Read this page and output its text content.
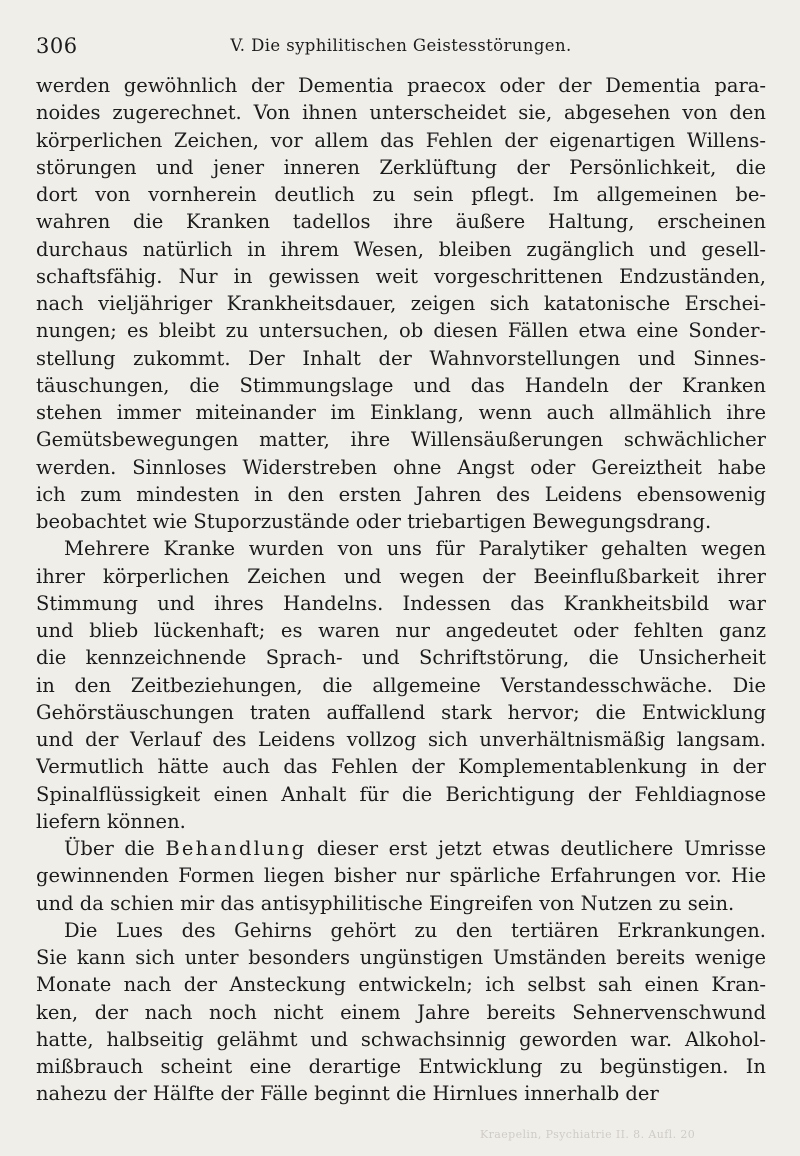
306	V. Die syphilitischen Geistesstörungen.
werden gewöhnlich der Dementia praecox oder der Dementia para-
noides zugerechnet. Von ihnen unterscheidet sie, abgesehen von den
körperlichen Zeichen, vor allem das Fehlen der eigenartigen Willens-
störungen und jener inneren Zerklüftung der Persönlichkeit, die
dort von vornherein deutlich zu sein pflegt. Im allgemeinen be-
wahren die Kranken tadellos ihre äußere Haltung, erscheinen
durchaus natürlich in ihrem Wesen, bleiben zugänglich und gesell-
schaftsfähig. Nur in gewissen weit vorgeschrittenen Endzuständen,
nach vieljähriger Krankheitsdauer, zeigen sich katatonische Erschei-
nungen; es bleibt zu untersuchen, ob diesen Fällen etwa eine Sonder-
stellung zukommt. Der Inhalt der Wahnvorstellungen und Sinnes-
täuschungen, die Stimmungslage und das Handeln der Kranken
stehen immer miteinander im Einklang, wenn auch allmählich ihre
Gemütsbewegungen matter, ihre Willensäußerungen schwächlicher
werden. Sinnloses Widerstreben ohne Angst oder Gereiztheit habe
ich zum mindesten in den ersten Jahren des Leidens ebensowenig
beobachtet wie Stuporzustände oder triebartigen Bewegungsdrang.
Mehrere Kranke wurden von uns für Paralytiker gehalten wegen
ihrer körperlichen Zeichen und wegen der Beeinflußbarkeit ihrer
Stimmung und ihres Handelns. Indessen das Krankheitsbild war
und blieb lückenhaft; es waren nur angedeutet oder fehlten ganz
die kennzeichnende Sprach- und Schriftstörung, die Unsicherheit
in den Zeitbeziehungen, die allgemeine Verstandesschwäche. Die
Gehörstäuschungen traten auffallend stark hervor; die Entwicklung
und der Verlauf des Leidens vollzog sich unverhältnismäßig langsam.
Vermutlich hätte auch das Fehlen der Komplementablenkung in der
Spinalflüssigkeit einen Anhalt für die Berichtigung der Fehldiagnose
liefern können.
Über die Behandlung dieser erst jetzt etwas deutlichere Umrisse
gewinnenden Formen liegen bisher nur spärliche Erfahrungen vor. Hie
und da schien mir das antisyphilitische Eingreifen von Nutzen zu sein.
Die Lues des Gehirns gehört zu den tertiären Erkrankungen.
Sie kann sich unter besonders ungünstigen Umständen bereits wenige
Monate nach der Ansteckung entwickeln; ich selbst sah einen Kran-
ken, der nach noch nicht einem Jahre bereits Sehnervenschwund
hatte, halbseitig gelähmt und schwachsinnig geworden war. Alkohol-
mißbrauch scheint eine derartige Entwicklung zu begünstigen. In
nahezu der Hälfte der Fälle beginnt die Hirnlues innerhalb der
Kraepelin, Psychiatrie II. 8. Aufl. 20
